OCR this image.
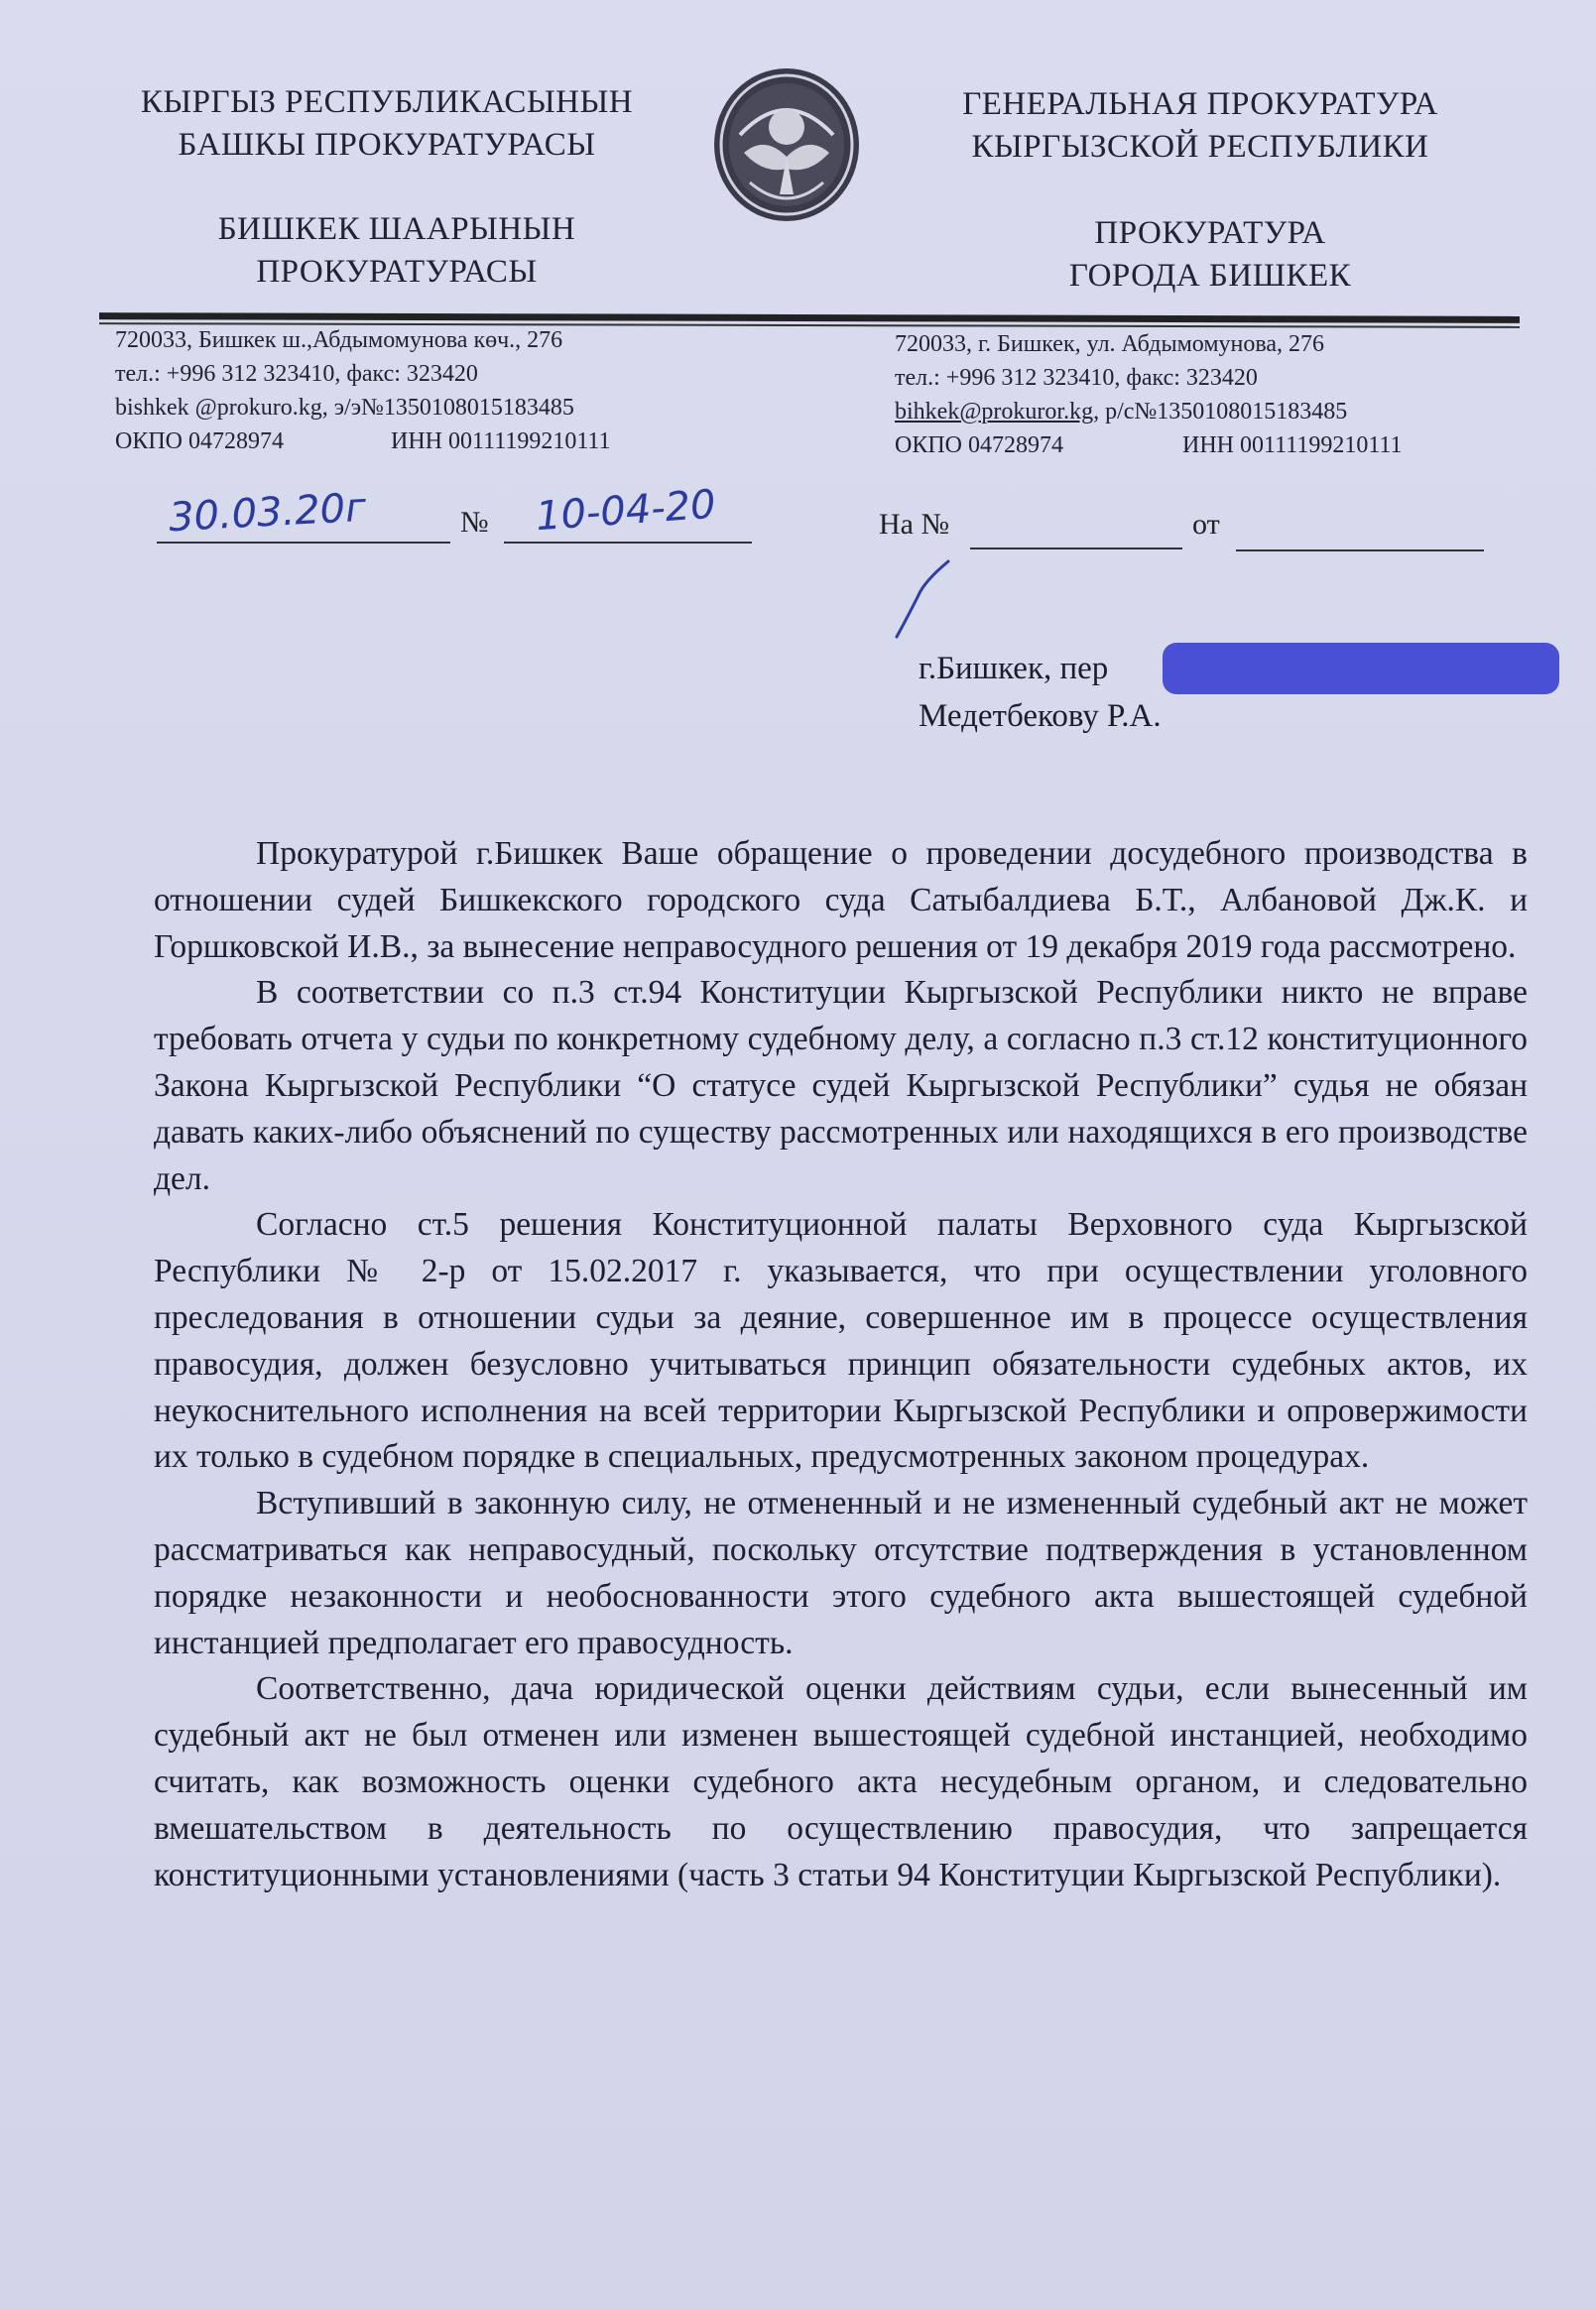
КЫРГЫЗ РЕСПУБЛИКАСЫНЫН
БАШКЫ ПРОКУРАТУРАСЫ
ГЕНЕРАЛЬНАЯ ПРОКУРАТУРА
КЫРГЫЗСКОЙ РЕСПУБЛИКИ
БИШКЕК ШААРЫНЫН
ПРОКУРАТУРАСЫ
ПРОКУРАТУРА
ГОРОДА БИШКЕК
720033, Бишкек ш.,Абдымомунова көч., 276
тел.: +996 312 323410, факс: 323420
bishkek @prokuro.kg, э/э№1350108015183485
ОКПО 04728974	ИНН 00111199210111
720033, г. Бишкек, ул. Абдымомунова, 276
тел.: +996 312 323410, факс: 323420
bihkek@prokuror.kg, р/с№1350108015183485
ОКПО 04728974	ИНН 00111199210111
30.03.20г	№ 10-04-20	На №	от
г.Бишкек, пер
Медетбекову Р.А.

Прокуратурой г.Бишкек Ваше обращение о проведении досудебного производства в отношении судей Бишкекского городского суда Сатыбалдиева Б.Т., Албановой Дж.К. и Горшковской И.В., за вынесение неправосудного решения от 19 декабря 2019 года рассмотрено.

В соответствии со п.3 ст.94 Конституции Кыргызской Республики никто не вправе требовать отчета у судьи по конкретному судебному делу, а согласно п.3 ст.12 конституционного Закона Кыргызской Республики “О статусе судей Кыргызской Республики” судья не обязан давать каких-либо объяснений по существу рассмотренных или находящихся в его производстве дел.

Согласно ст.5 решения Конституционной палаты Верховного суда Кыргызской Республики № 2-р от 15.02.2017 г. указывается, что при осуществлении уголовного преследования в отношении судьи за деяние, совершенное им в процессе осуществления правосудия, должен безусловно учитываться принцип обязательности судебных актов, их неукоснительного исполнения на всей территории Кыргызской Республики и опровержимости их только в судебном порядке в специальных, предусмотренных законом процедурах.

Вступивший в законную силу, не отмененный и не измененный судебный акт не может рассматриваться как неправосудный, поскольку отсутствие подтверждения в установленном порядке незаконности и необоснованности этого судебного акта вышестоящей судебной инстанцией предполагает его правосудность.

Соответственно, дача юридической оценки действиям судьи, если вынесенный им судебный акт не был отменен или изменен вышестоящей судебной инстанцией, необходимо считать, как возможность оценки судебного акта несудебным органом, и следовательно вмешательством в деятельность по осуществлению правосудия, что запрещается конституционными установлениями (часть 3 статьи 94 Конституции Кыргызской Республики).
